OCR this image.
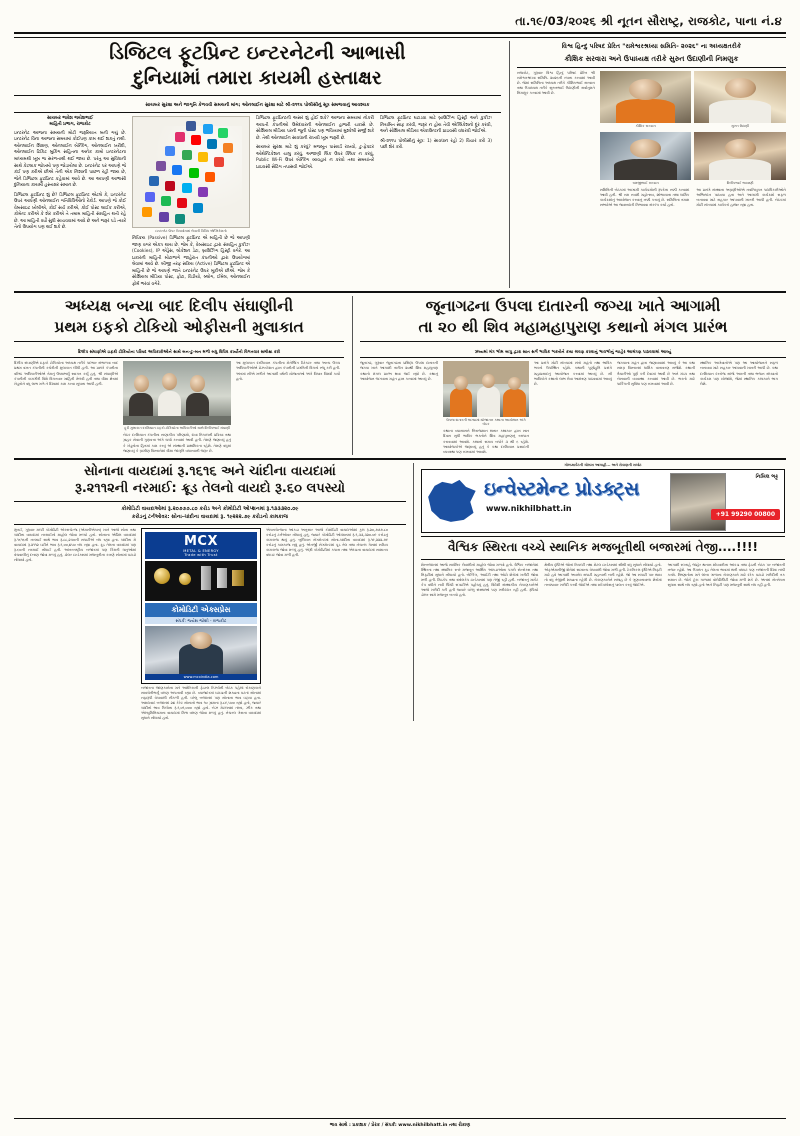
તા.૧૯/03/૨૦૨૬ શ્રી નૂતન સૌરાષ્ટ્ર, રાજકોટ, પાના નં.૪
ડિજિટલ ફૂટપ્રિન્ટ ઇન્ટરનેટની આભાસી
દુનિયામાં તમારા કાયમી હસ્તાક્ષર
સાયબર સુરક્ષા અને જાગૃતિ કેળવવી સમયની માંગ; ઓનલાઈન સુરક્ષા માટે શ્રી-૨૧૧૫ પોલીસીનું સૂત્ર સમજવાનું આવશ્યક
સાયબર ભાવેશ જયેશભાઈ
માહિતી પ્રભાગ, રાજકોટ
ઇન્ટરનેટ આજના સમયની મોટી જરૂરિયાત બની ગયું છે. ઇન્ટરનેટ વિના આજના સમયમાં કોઈપણ કામ થઈ શકતું નથી. ઓનલાઈન શિક્ષણ, ઓનલાઈન બેન્કિંગ, ઓનલાઈન ખરીદી, ઓનલાઈન ટિકિટ બુકિંગ સહિતના અનેક કામો ઇન્ટરનેટના માધ્યમથી ખૂબ જ સરળતાથી થઈ જાય છે. પરંતુ આ સુવિધાની સાથે કેટલાક જોખમો પણ જોડાયેલા છે. ઇન્ટરનેટ પર આપણે જે કંઈ પણ કરીએ છીએ તેની એક નિશાની પાછળ રહી જાય છે, જેને ડિજિટલ ફૂટપ્રિન્ટ કહેવામાં આવે છે. આ આપણી આભાસી દુનિયાના કાયમી હસ્તાક્ષર સમાન છે.
ડિજિટલ ફૂટપ્રિન્ટ શું છે? ડિજિટલ ફૂટપ્રિન્ટ એટલે કે, ઇન્ટરનેટ ઉપર આપણી ઓનલાઈન ગતિવિધિઓનો રેકોર્ડ. આપણે જે કોઈ વેબસાઇટ ખોલીએ, કોઈ સર્ચ કરીએ, કોઈ પોસ્ટ લાઈક કરીએ, કોમેન્ટ કરીએ કે શેર કરીએ તે તમામ માહિતી સંગ્રહિત થતી રહે છે. આ માહિતી વર્ષો સુધી સાચવવામાં આવે છે અને જરૂર પડે ત્યારે તેનો ઉપયોગ પણ થઈ શકે છે.
ઇન્ટરનેટ ઉપર ઉપયોગમાં લેવાતી વિવિધ એપ્લિકેશનો
નિષ્ક્રિય (Passive) ડિજિટલ ફૂટપ્રિન્ટ એ માહિતી છે જે આપણી જાણ વગર એકત્ર થાય છે. જેમ કે, વેબસાઇટ દ્વારા સંગ્રહિત કુકીઝ (Cookies), IP એડ્રેસ, લોકેશન ડેટા, બ્રાઉઝિંગ હિસ્ટ્રી વગેરે. આ પ્રકારની માહિતી મોટાભાગે જાહેરાત કંપનીઓ દ્વારા ઉપયોગમાં લેવામાં આવે છે. બીજી તરફ સક્રિય (Active) ડિજિટલ ફૂટપ્રિન્ટ એ માહિતી છે જે આપણે જાતે ઇન્ટરનેટ ઉપર મૂકીએ છીએ. જેમ કે સોશિયલ મીડિયા પોસ્ટ, ફોટા, વિડીયો, બ્લોગ, ઈમેલ, ઓનલાઈન ફોર્મ ભરવાં વગેરે.
ડિજિટલ ફૂટપ્રિન્ટની અસર શું હોઈ શકે? આજના સમયમાં નોકરી આપતી કંપનીઓ ઉમેદવારની ઓનલાઈન હાજરી ચકાસે છે. સોશિયલ મીડિયા પરની જૂની પોસ્ટ પણ ભવિષ્યમાં મુશ્કેલી સર્જી શકે છે. તેથી ઓનલાઈન સાવધાની રાખવી ખૂબ જરૂરી છે.
સાયબર સુરક્ષા માટે શું કરવું? મજબૂત પાસવર્ડ રાખવો, ટુ-ફેક્ટર ઓથેન્ટિકેશન ચાલુ કરવું, અજાણી લિંક ઉપર ક્લિક ન કરવું, Public Wi-Fi ઉપર બેન્કિંગ વ્યવહાર ન કરવો તથા સમયાંતરે પ્રાઇવસી સેટિંગ તપાસવી જોઈએ.
ડિજિટલ ફૂટપ્રિન્ટ ઘટાડવા માટે બ્રાઉઝિંગ હિસ્ટ્રી અને કુકીઝ નિયમિત સાફ કરવી, જરૂર ન હોય તેવી એપ્લિકેશનો દૂર કરવી, અને સોશિયલ મીડિયા એકાઉન્ટની પ્રાઇવસી વધારવી જોઈએ.
શ્રી-૨૧૧૫ પોલીસીનું સૂત્ર: 1) સાવધાન રહો 2) વિચાર કરો 3) પછી શેર કરો.
વિશ્વ હિન્દુ પરિષદ પ્રેરિત "રામેશ્વરશ્રધ્યા સમિતિ- ૨૦૨૬" ના અધ્યક્ષતરીકે
કૌશિક સરવારા અને ઉપાધ્યક્ષ તરીકે સુરુત ઉદાણીની નિમણુક
રાજકોટ, ગુરૂવાર વિશ્વ હિન્દુ પરિષદ પ્રેરિત શ્રી રામેશ્વરશ્રધ્યા સમિતિ- ૨૦૨૬ની રચના કરવામાં આવી છે. જેમાં સમિતિના અધ્યક્ષ તરીકે કૌશિકભાઈ સરવારા તથા ઉપાધ્યક્ષ તરીકે સુરુતભાઈ ઉદાણીની સર્વાનુમતે નિમણૂક કરવામાં આવી છે.
કૌશિક સરવારા	સુરુત ઉદાણી
રામજીભાઈ સરવારા	દિલીપભાઈ ભાયાણી
સમિતિની બેઠકમાં આગામી કાર્યક્રમોની રૂપરેખા નક્કી કરવામાં આવી હતી. શ્રી રામ નવમી મહોત્સવ, શોભાયાત્રા તથા ધાર્મિક કાર્યક્રમોનું આયોજન કરવાનું નક્કી કરાયું છે. સમિતિના તમામ સભ્યોએ આ જવાબદારી નિભાવવા સંકલ્પ કર્યો હતો.
આ પ્રસંગે સંસ્થાના અગ્રણીઓએ નવનિયુક્ત પદાધિકારીઓને અભિનંદન પાઠવ્યા હતા અને આગામી કાર્યક્રમો સફળ બનાવવા માટે સહકાર આપવાની ખાતરી આપી હતી. બેઠકમાં મોટી સંખ્યામાં કાર્યકરો હાજર રહ્યા હતા.
અધ્યક્ષ બન્યા બાદ દિલીપ સંઘાણીની
પ્રથમ ઇફકો ટોકિયો ઓફીસની મુલાકાત
દિલીપ સંઘાણીએ ઇફકો ટોકિયોના પરિષદ અધિકારીઓને સાથે બન-ટુ-બન મળી બધુ વિધિવ કાર્યોની વિગતવાર સમીક્ષા કરી
દિલીપ સંઘાણીએ ઇફકો ટોકિયોના અધ્યક્ષ તરીકે પદભાર સંભાળ્યા બાદ પ્રથમ વખત કંપનીની કચેરીની મુલાકાત લીધી હતી. આ પ્રસંગે કંપનીના વરિષ્ઠ અધિકારીઓએ તેમનું ઉષ્માભર્યું સ્વાગત કર્યું હતું. શ્રી સંઘાણીએ કંપનીની કામગીરી વિશે વિગતવાર માહિતી મેળવી હતી તથા વીમા ક્ષેત્રમાં ખેડૂતોને વધુ લાભ મળે તે દિશામાં કામ કરવા સૂચના આપી હતી.
ફૂડી મુલાકાત દરમિયાન ઇફકો ટોકિયોના અધિકારીઓ સાથે દિલીપભાઈ સંઘાણી
બેઠક દરમિયાન કંપનીના નાણાકીય પરિણામો, દાવા નિકાલની પ્રક્રિયા તથા ગ્રાહક સેવાની ગુણવત્તા અંગે ચર્ચા કરવામાં આવી હતી. તેમણે જણાવ્યું હતું કે ખેડૂતોના હિતમાં કામ કરવું એ સંસ્થાની પ્રાથમિકતા રહેશે. તેમણે વધુમાં જણાવ્યું કે ગ્રામીણ વિસ્તારોમાં વીમા જાગૃતિ વધારવાની જરૂર છે.
આ મુલાકાત દરમિયાન કંપનીના મેનેજિંગ ડિરેક્ટર તથા અન્ય ઉચ્ચ અધિકારીઓએ પ્રેઝન્ટેશન દ્વારા કંપનીની પ્રગતિની વિગતો રજૂ કરી હતી. અંતમાં સૌએ મળીને આગામી વર્ષની યોજનાઓ અંગે વિચાર વિમર્શ કર્યો હતો.
જૂનાગઢના ઉપલા દાતારની જગ્યા ખાતે આગામી
તા ૨૦ થી શિવ મહામહાપુરાણ કથાનો મંગલ પ્રારંભ
ઋષ્યમાં મંત્ર ભીમ બાપુ દ્વારા સાત સર્ગ ભાવિક ભક્તોને કથા શ્રવણ કરવાનું ભાવભીનું જાહેર આમંત્રણ પાઠવવામાં આવ્યું
જૂનાગઢ, ગુરૂવાર જૂનાગઢના પ્રસિદ્ધ ઉપલા દાતારની જગ્યા ખાતે આગામી તારીખ ૨૦થી શિવ મહાપુરાણ કથાનો મંગલ પ્રારંભ થવા જઈ રહ્યો છે. કથાનું આયોજન જગ્યાના મહંત દ્વારા કરવામાં આવ્યું છે.
ઉપલા દાતારની જગ્યામાં યોજાનાર કથાના આયોજન અંગે બેઠક
કથાના વ્યાસાસને બિરાજમાન થનાર કથાકાર દ્વારા સાત દિવસ સુધી ભાવિક ભક્તોને શિવ મહાપુરાણનું રસપાન કરાવવામાં આવશે. કથાનો સમય બપોરે ૩ થી ૬ રહેશે. આયોજકોએ જણાવ્યું હતું કે કથા દરમિયાન પ્રસાદની વ્યવસ્થા પણ રાખવામાં આવશે.
આ પ્રસંગે મોટી સંખ્યામાં સંતો મહંતો તથા ભાવિક ભક્તો ઉપસ્થિત રહેશે. કથાની પૂર્ણાહુતિ પ્રસંગે મહાપ્રસાદનું આયોજન કરવામાં આવ્યું છે. સૌ ભાવિકોને કથાનો લાભ લેવા આમંત્રણ પાઠવવામાં આવ્યું છે.
જગ્યાના મહંત દ્વારા જણાવવામાં આવ્યું કે આ કથા સમગ્ર વિસ્તારમાં ધાર્મિક વાતાવરણ સર્જશે. કથાની તૈયારીઓ પૂર્ણ કરી દેવામાં આવી છે અને મંડપ તથા બેસવાની વ્યવસ્થા કરવામાં આવી છે. ભક્તો માટે પાર્કિંગની સુવિધા પણ રાખવામાં આવી છે.
સ્થાનિક આગેવાનોએ પણ આ આયોજનને સફળ બનાવવા માટે સહકાર આપવાની ખાતરી આપી છે. કથા દરમિયાન દરરોજ સાંજે આરતી તથા ભજન સંધ્યાનો કાર્યક્રમ પણ યોજાશે, જેમાં સ્થાનિક કલાકારો ભાગ લેશે.
સોનાના વાયદામાં રૂ.૧૬૧૬ અને ચાંદીના વાયદામાં
રૂ.૨૧૧૨ની નરમાઈ: ક્રૂડ તેલનો વાયદો રૂ.૬૦ લપસ્યો
કોમોડિટી વાયદાઓમાં રૂ.૨૦૭૭૭.૮૦ કરોડ અને કોમોડિટી ઓપ્શનમાં રૂ.૧૩૩૩૨૦.૦૯
કરોડનું ટર્નઓવર: સોના-ચાંદીના વાયદામાં રૂ. ૧૯૨૨૨.૭૯ કરોડનો કામકાજ
મુંબઈ, ગુરૂવાર મલ્ટી કોમોડિટી એક્સચેન્જ (એમસીએક્સ) ખાતે આજે સોના તથા ચાંદીના વાયદામાં નરમાઈનો માહોલ જોવા મળ્યો હતો. સોનાના એપ્રિલ વાયદામાં રૂ.૧૬૧૬ની નરમાઈ સાથે ભાવ રૂ.૮૮,૨૫૦ની સપાટીએ બંધ રહ્યા હતા. ચાંદીના મે વાયદામાં રૂ.૨૧૧૨ ઘટીને ભાવ રૂ.૧,૦૦,૪૫૦ બંધ રહ્યા હતા. ક્રૂડ તેલના વાયદામાં પણ રૂ.૬૦ની નરમાઈ નોંધાઈ હતી. આંતરરાષ્ટ્રીય બજારમાં પણ કિંમતી ધાતુઓમાં વેચવાલીનું દબાણ જોવા મળ્યું હતું. ડોલર ઇન્ડેક્સમાં મજબૂતીના કારણે સોનામાં ઘટાડો નોંધાયો હતો.
MCX
METAL & ENERGY
Trade with Trust
કોમોડિટી એક્સપ્રેસ
સંપર્ક: જયેશ જોશી - રાજકોટ
www.mcxindia.com
બજારના જાણકારોના મતે અમેરિકાની ફેડરલ રિઝર્વની બેઠક પહેલાં રોકાણકારો સાવચેતીભર્યું વલણ અપનાવી રહ્યા છે. વ્યાજદરમાં ઘટાડાની શક્યતા ઘટતાં સોનામાં નફારૂપી વેચવાલી નીકળી હતી. ઘરેલુ બજારમાં પણ સોનાના ભાવ ઘટ્યા હતા. અમદાવાદ બજારમાં ૨૪ કેરેટ સોનાનો ભાવ ૧૦ ગ્રામના રૂ.૮૯,૫૦૦ રહ્યો હતો, જ્યારે ચાંદીનો ભાવ કિલોના રૂ.૧,૦૧,૦૦૦ રહ્યો હતો. બેઝ મેટલ્સમાં તાંબા, ઝીંક તથા એલ્યુમિનિયમના વાયદામાં મિશ્ર વલણ જોવા મળ્યું હતું. નેચરલ ગેસના વાયદામાં સુધારો નોંધાયો હતો.
એક્સચેન્જના આંકડા અનુસાર આજે કોમોડિટી વાયદાઓમાં કુલ રૂ.૨૦,૭૭૭.૮૦ કરોડનું ટર્નઓવર નોંધાયું હતું, જ્યારે કોમોડિટી ઓપ્શનમાં રૂ.૧,૩૩,૩૨૦.૦૯ કરોડનું કામકાજ થયું હતું. બુલિયન સેગમેન્ટમાં સોના-ચાંદીના વાયદામાં રૂ.૧૯,૨૨૨.૭૯ કરોડનું કામકાજ રહ્યું હતું. એનર્જી સેગમેન્ટમાં ક્રૂડ તેલ તથા નેચરલ ગેસમાં સક્રિય કામકાજ જોવા મળ્યું હતું. એગ્રી કોમોડિટીમાં કપાસ તથા એરંડાના વાયદામાં સામાન્ય વધઘટ જોવા મળી હતી.
ગોલ્ડમાર્કેટની ચોક્કસ આગાહી... અને રોકાણની સચોટ
ઇન્વેસ્ટમેન્ટ પ્રોડક્ટ્સ
www.nikhilbhatt.in
નિખિલ ભટ્ટ
+91 99290 00800
વૈશ્વિક સ્થિરતા વચ્ચે સ્થાનિક મજબૂતીથી બજારમાં તેજી....!!!!
શેરબજારમાં આજે સાર્વત્રિક લેવાલીનો માહોલ જોવા મળ્યો હતો. વૈશ્વિક બજારોમાં સ્થિરતા તથા સ્થાનિક સ્તરે મજબૂત આર્થિક આંકડાઓના પગલે સેન્સેક્સ તથા નિફ્ટીમાં સુધારો નોંધાયો હતો. બેન્કિંગ, આઈટી તથા ઓટો શેરોમાં ખરીદી જોવા મળી હતી. મિડકેપ તથા સ્મોલકેપ ઇન્ડેક્સમાં પણ તેજી રહી હતી. બજારનું માર્કેટ કેપ વધીને નવી ઊંચી સપાટીએ પહોંચ્યું હતું. વિદેશી સંસ્થાકીય રોકાણકારોએ આજે ખરીદી કરી હતી જ્યારે ઘરેલુ સંસ્થાઓ પણ ખરીદદાર રહી હતી. રૂપિયો ડોલર સામે મજબૂત બન્યો હતો.
ક્ષેત્રીય દૃષ્ટિએ જોતાં રિયલ્ટી તથા મેટલ ઇન્ડેક્સમાં સૌથી વધુ સુધારો નોંધાયો હતો. એફએમસીજી શેરોમાં સામાન્ય વેચવાલી જોવા મળી હતી. ટેકનિકલ દૃષ્ટિએ નિફ્ટી માટે હવે આગામી અવરોધ સપાટી મહત્વની બની રહેશે. જો આ સપાટી પાર થાય તો વધુ તેજીની શક્યતા રહેલી છે. રોકાણકારોને સલાહ છે કે ગુણવત્તાવાળા શેરોમાં તબક્કાવાર ખરીદી કરવી જોઈએ તથા સ્ટોપલોસનું પાલન કરવું જોઈએ.
આગામી સપ્તાહે જાહેર થનારા મોંઘવારીના આંકડા તથા ફેડની બેઠક પર બજારની નજર રહેશે. આ ઉપરાંત ક્રૂડ તેલના ભાવમાં થતી વધઘટ પણ બજારની દિશા નક્કી કરશે. નિષ્ણાતોના મતે લાંબા ગાળાના રોકાણકારો માટે દરેક ઘટાડો ખરીદીની તક સમાન છે. જોકે ટૂંકા ગાળામાં વોલેટિલિટી જોવા મળી શકે છે. અંતમાં સેન્સેક્સ સુધારા સાથે બંધ રહ્યો હતો અને નિફ્ટી પણ મજબૂતી સાથે બંધ રહી હતી.
ભાવ સાથે : પ્રકાશક / પ્રેરક / સંપર્ક: www.nikhilbhatt.in તથા રોકાણ
